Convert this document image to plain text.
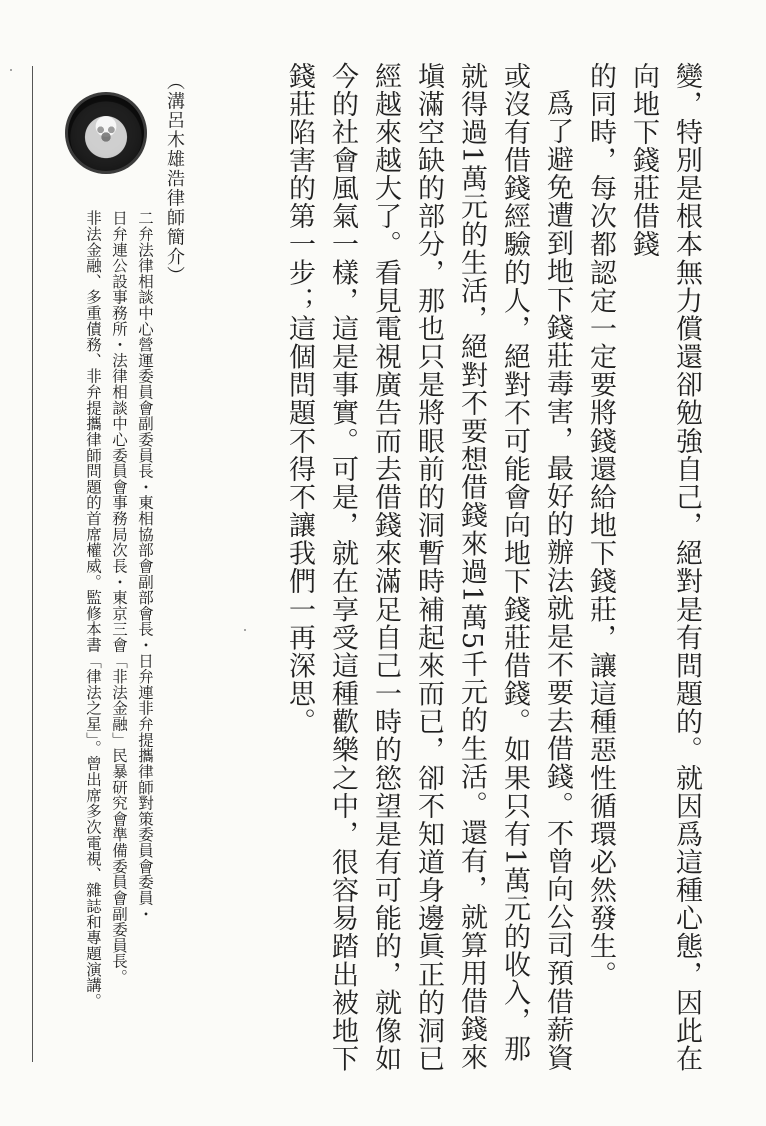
變，特別是根本無力償還卻勉強自己，絕對是有問題的。就因爲這種心態，因此在向地下錢莊借錢

的同時，每次都認定一定要將錢還給地下錢莊，讓這種惡性循環必然發生。

爲了避免遭到地下錢莊毒害，最好的辦法就是不要去借錢。不曾向公司預借薪資或沒有借錢經驗的人，絕對不可能會向地下錢莊借錢。如果只有1萬元的收入，那就得過1萬元的生活，絕對不要想借錢來過1萬5千元的生活。還有，就算用借錢來塡滿空缺的部分，那也只是將眼前的洞暫時補起來而已，卻不知道身邊眞正的洞已經越來越大了。看見電視廣告而去借錢來滿足自己一時的慾望是有可能的，就像如今的社會風氣一樣，這是事實。可是，就在享受這種歡樂之中，很容易踏出被地下錢莊陷害的第一步；這個問題不得不讓我們一再深思。

（溝呂木雄浩律師簡介）

二弁法律相談中心營運委員會副委員長・東相協部會副部會長・日弁連非弁提攜律師對策委員會委員・

日弁連公設事務所・法律相談中心委員會事務局次長・東京三會「非法金融」民暴研究會準備委員會副委員長。

非法金融、多重債務、非弁提攜律師問題的首席權威。監修本書「律法之星」。曾出席多次電視、雜誌和專題演講。
